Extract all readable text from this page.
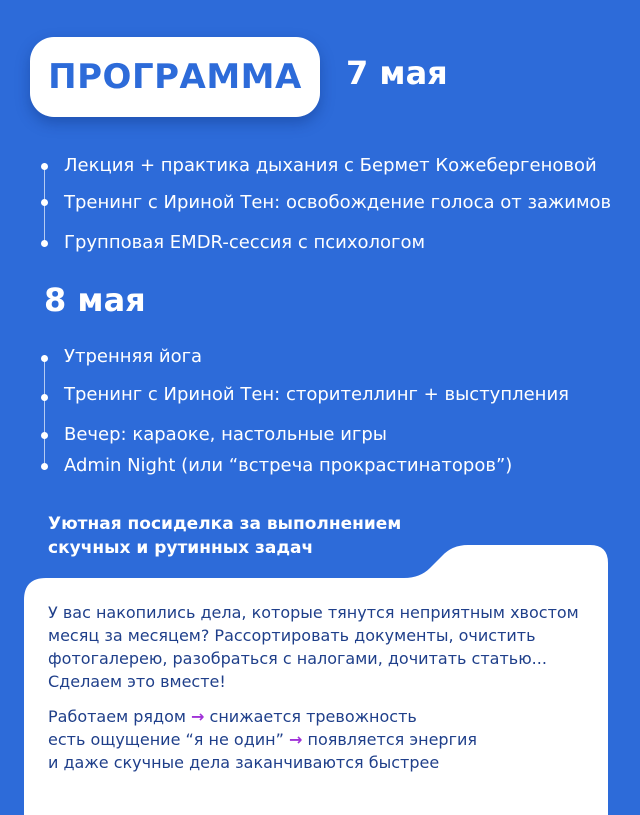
ПРОГРАММА	7 мая
Лекция + практика дыхания с Бермет Кожебергеновой
Тренинг с Ириной Тен: освобождение голоса от зажимов
Групповая EMDR-сессия с психологом
8 мая
Утренняя йога
Тренинг с Ириной Тен: сторителлинг + выступления
Вечер: караоке, настольные игры
Admin Night (или “встреча прокрастинаторов”)
Уютная посиделка за выполнением
скучных и рутинных задач
У вас накопились дела, которые тянутся неприятным хвостом
месяц за месяцем? Рассортировать документы, очистить
фотогалерею, разобраться с налогами, дочитать статью...
Сделаем это вместе!
Работаем рядом → снижается тревожность
есть ощущение “я не один” → появляется энергия
и даже скучные дела заканчиваются быстрее
